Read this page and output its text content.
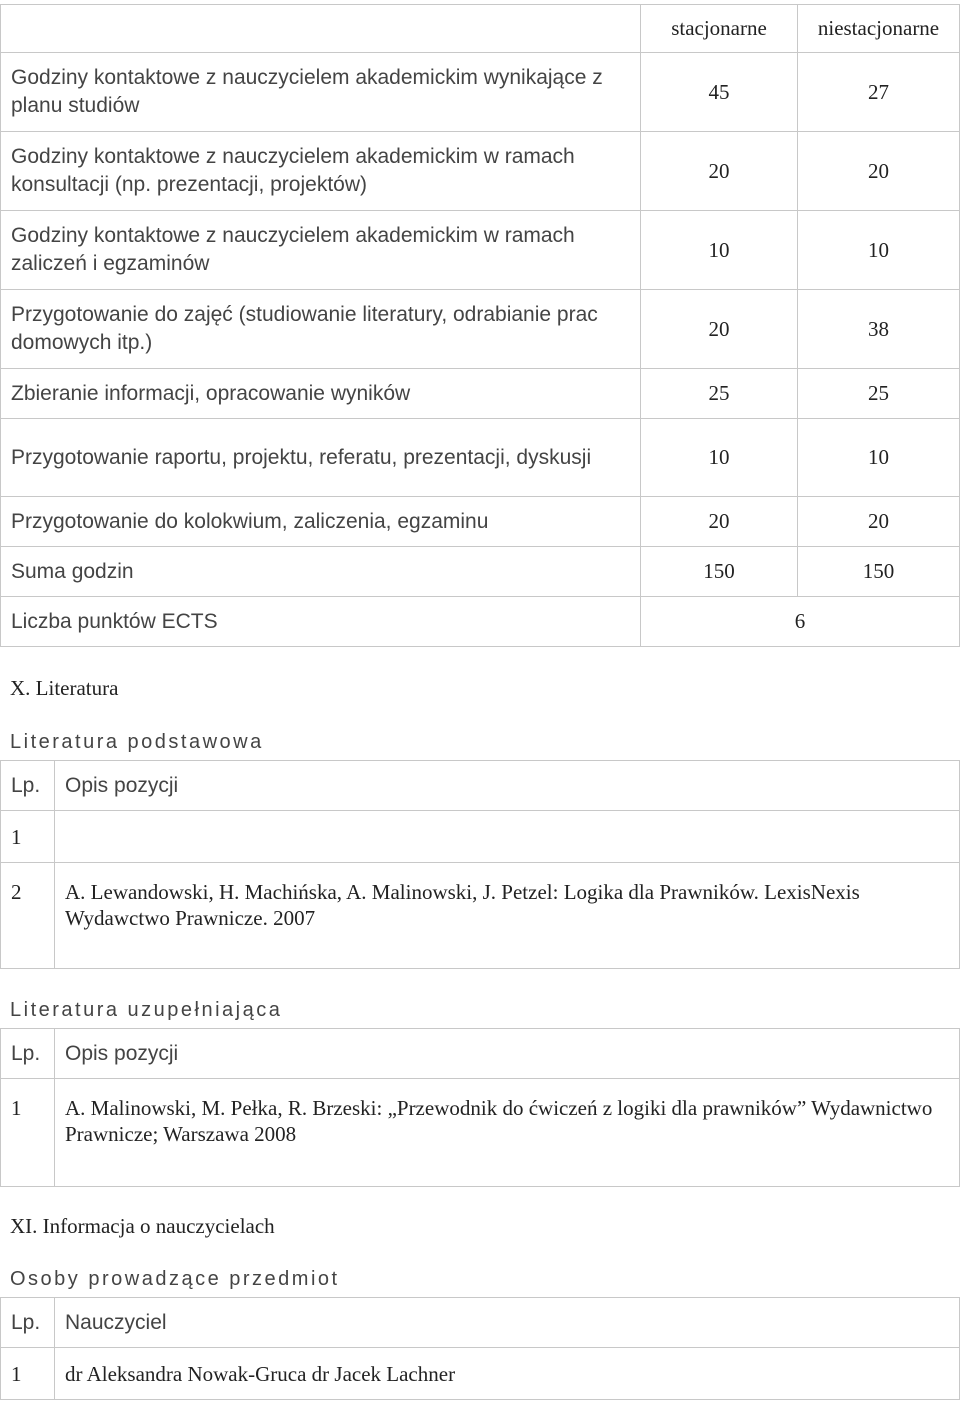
	stacjonarne	niestacjonarne
Godziny kontaktowe z nauczycielem akademickim wynikające z planu studiów	45	27
Godziny kontaktowe z nauczycielem akademickim w ramach konsultacji (np. prezentacji, projektów)	20	20
Godziny kontaktowe z nauczycielem akademickim w ramach zaliczeń i egzaminów	10	10
Przygotowanie do zajęć (studiowanie literatury, odrabianie prac domowych itp.)	20	38
Zbieranie informacji, opracowanie wyników	25	25
Przygotowanie raportu, projektu, referatu, prezentacji, dyskusji	10	10
Przygotowanie do kolokwium, zaliczenia, egzaminu	20	20
Suma godzin	150	150
Liczba punktów ECTS	6	
X. Literatura
Literatura podstawowa
Lp.	Opis pozycji
1	
2	A. Lewandowski, H. Machińska, A. Malinowski, J. Petzel: Logika dla Prawników. LexisNexis Wydawctwo Prawnicze. 2007
Literatura uzupełniająca
Lp.	Opis pozycji
1	A. Malinowski, M. Pełka, R. Brzeski: „Przewodnik do ćwiczeń z logiki dla prawników” Wydawnictwo Prawnicze; Warszawa 2008
XI. Informacja o nauczycielach
Osoby prowadzące przedmiot
Lp.	Nauczyciel
1	dr Aleksandra Nowak-Gruca dr Jacek Lachner
